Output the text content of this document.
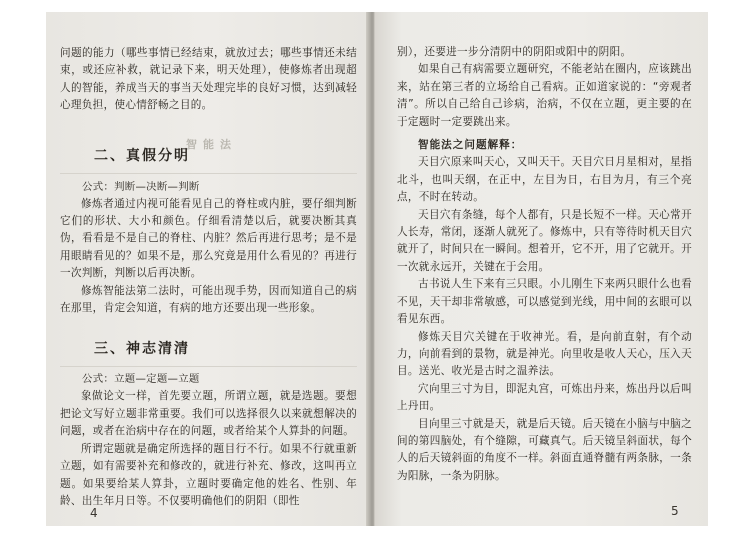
智能法

问题的能力（哪些事情已经结束，就放过去；哪些事情还未结束，或还应补救，就记录下来，明天处理），使修炼者出现超人的智能，养成当天的事当天处理完毕的良好习惯，达到减轻心理负担，使心情舒畅之目的。

二、真假分明

公式：判断—决断—判断

修炼者通过内视可能看见自己的脊柱或内脏，要仔细判断它们的形状、大小和颜色。仔细看清楚以后，就要决断其真伪，看看是不是自己的脊柱、内脏？然后再进行思考；是不是用眼睛看见的？如果不是，那么究竟是用什么看见的？再进行一次判断，判断以后再决断。

修炼智能法第二法时，可能出现手势，因而知道自己的病在那里，肯定会知道，有病的地方还要出现一些形象。

三、神志清清

公式：立题—定题—立题

象做论文一样，首先要立题，所谓立题，就是选题。要想把论文写好立题非常重要。我们可以选择很久以来就想解决的问题，或者在治病中存在的问题，或者给某个人算卦的问题。

所谓定题就是确定所选择的题目行不行。如果不行就重新立题，如有需要补充和修改的，就进行补充、修改，这叫再立题。如果要给某人算卦，立题时要确定他的姓名、性别、年龄、出生年月日等。不仅要明确他们的阴阳（即性

4

别），还要进一步分清阴中的阴阳或阳中的阴阳。

如果自己有病需要立题研究，不能老站在圈内，应该跳出来，站在第三者的立场给自己看病。正如道家说的：“旁观者清”。所以自己给自己诊病，治病，不仅在立题，更主要的在于定题时一定要跳出来。

智能法之问题解释：

天目穴原来叫天心，又叫天干。天目穴日月星相对，星指北斗，也叫天纲，在正中，左目为日，右目为月，有三个亮点，不时在转动。

天目穴有条缝，每个人都有，只是长短不一样。天心常开人长寿，常闭，逐渐人就死了。修炼中，只有等待时机天目穴就开了，时间只在一瞬间。想着开，它不开，用了它就开。开一次就永远开，关键在于会用。

古书说人生下来有三只眼。小儿刚生下来两只眼什么也看不见，天干却非常敏感，可以感觉到光线，用中间的玄眼可以看见东西。

修炼天目穴关键在于收神光。看，是向前直射，有个动力，向前看到的景物，就是神光。向里收是收人天心，压入天目。送光、收光是古时之温养法。

穴向里三寸为目，即泥丸宫，可炼出丹来，炼出丹以后叫上丹田。

目向里三寸就是天，就是后天镜。后天镜在小脑与中脑之间的第四脑处，有个缝隙，可藏真气。后天镜呈斜面状，每个人的后天镜斜面的角度不一样。斜面直通脊髓有两条脉，一条为阳脉，一条为阴脉。

5
